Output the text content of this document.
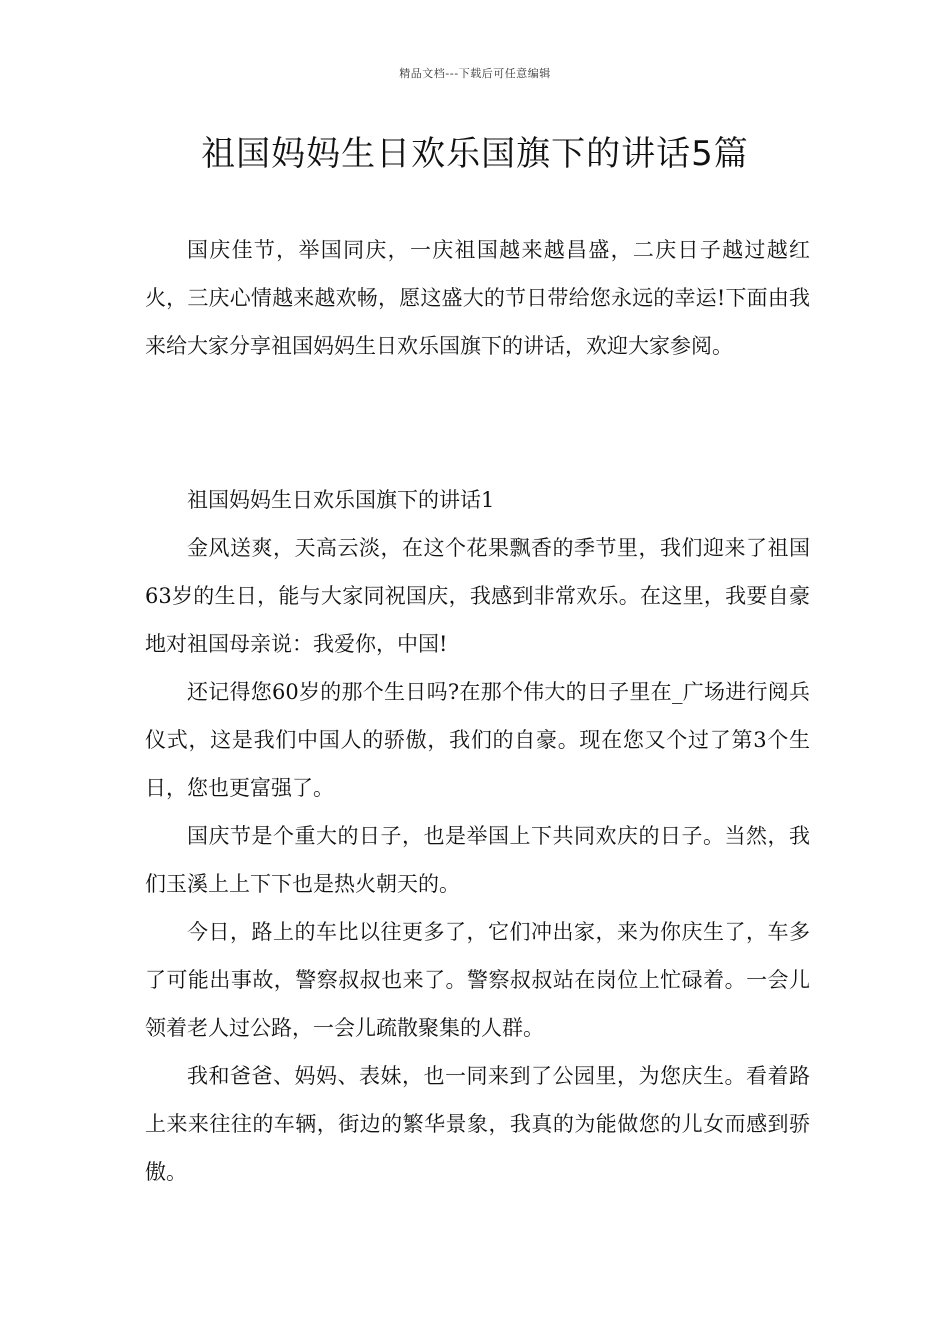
精品文档---下载后可任意编辑
祖国妈妈生日欢乐国旗下的讲话5篇

国庆佳节，举国同庆，一庆祖国越来越昌盛，二庆日子越过越红火，三庆心情越来越欢畅，愿这盛大的节日带给您永远的幸运!下面由我来给大家分享祖国妈妈生日欢乐国旗下的讲话，欢迎大家参阅。

祖国妈妈生日欢乐国旗下的讲话1

金风送爽，天高云淡，在这个花果飘香的季节里，我们迎来了祖国63岁的生日，能与大家同祝国庆，我感到非常欢乐。在这里，我要自豪地对祖国母亲说：我爱你，中国!

还记得您60岁的那个生日吗?在那个伟大的日子里在_广场进行阅兵仪式，这是我们中国人的骄傲，我们的自豪。现在您又个过了第3个生日，您也更富强了。

国庆节是个重大的日子，也是举国上下共同欢庆的日子。当然，我们玉溪上上下下也是热火朝天的。

今日，路上的车比以往更多了，它们冲出家，来为你庆生了，车多了可能出事故，警察叔叔也来了。警察叔叔站在岗位上忙碌着。一会儿领着老人过公路，一会儿疏散聚集的人群。

我和爸爸、妈妈、表妹，也一同来到了公园里，为您庆生。看着路上来来往往的车辆，街边的繁华景象，我真的为能做您的儿女而感到骄傲。
